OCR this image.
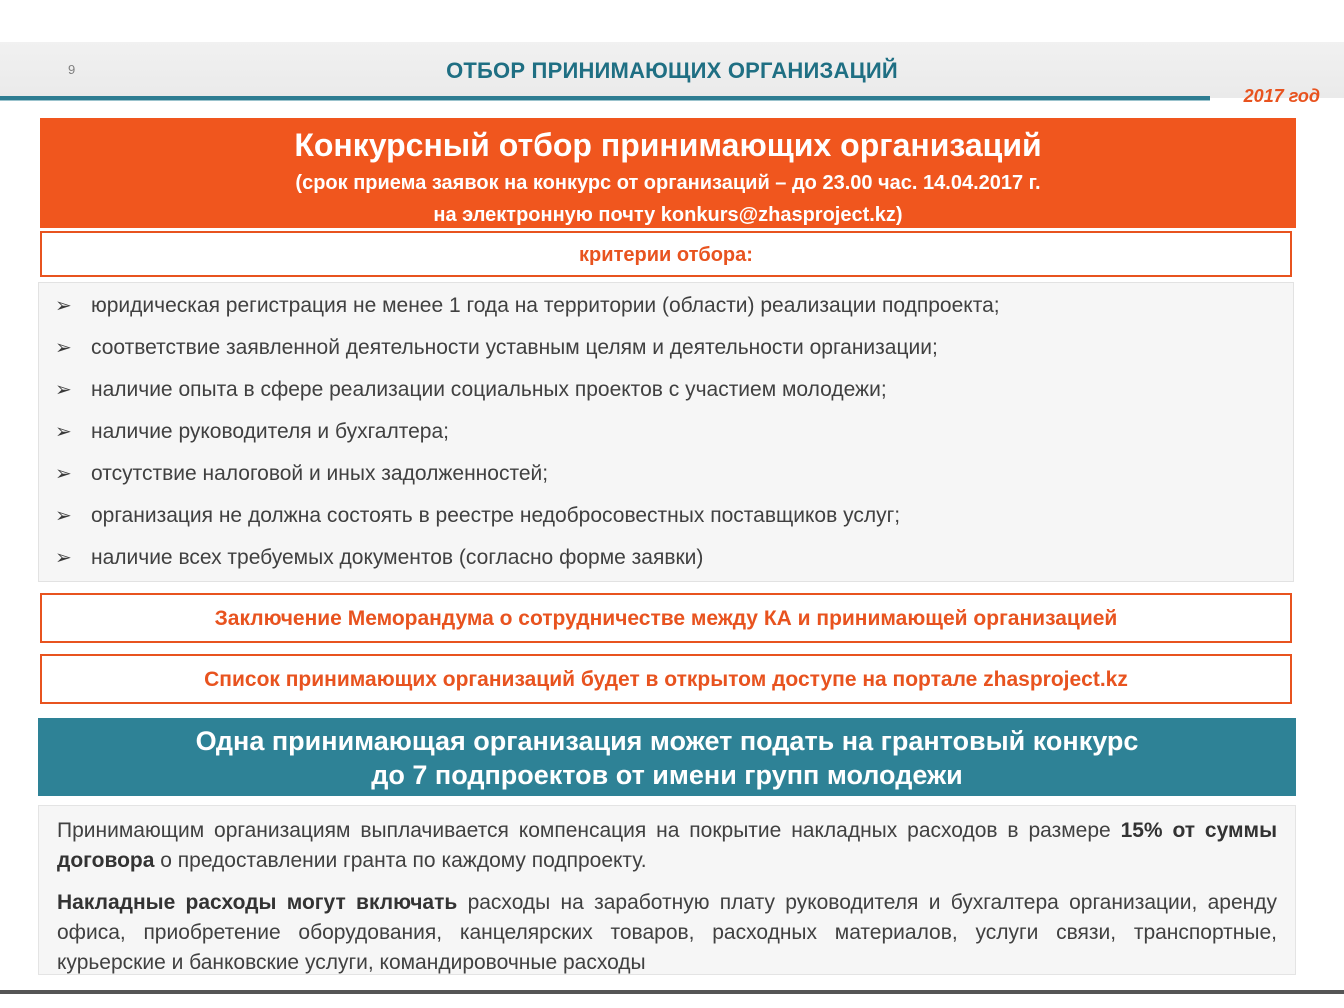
9	ОТБОР ПРИНИМАЮЩИХ ОРГАНИЗАЦИЙ
2017 год
Конкурсный отбор принимающих организаций
(срок приема заявок на конкурс от организаций – до 23.00 час. 14.04.2017 г.
на электронную почту konkurs@zhasproject.kz)
критерии отбора:
➢ юридическая регистрация не менее 1 года на территории (области) реализации подпроекта;
➢ соответствие заявленной деятельности уставным целям и деятельности организации;
➢ наличие опыта в сфере реализации социальных проектов с участием молодежи;
➢ наличие руководителя и бухгалтера;
➢ отсутствие налоговой и иных задолженностей;
➢ организация не должна состоять в реестре недобросовестных поставщиков услуг;
➢ наличие всех требуемых документов (согласно форме заявки)
Заключение Меморандума о сотрудничестве между КА и принимающей организацией
Список принимающих организаций будет в открытом доступе на портале zhasproject.kz
Одна принимающая организация может подать на грантовый конкурс
до 7 подпроектов от имени групп молодежи

Принимающим организациям выплачивается компенсация на покрытие накладных расходов в размере 15% от суммы договора о предоставлении гранта по каждому подпроекту.

Накладные расходы могут включать расходы на заработную плату руководителя и бухгалтера организации, аренду офиса, приобретение оборудования, канцелярских товаров, расходных материалов, услуги связи, транспортные, курьерские и банковские услуги, командировочные расходы
